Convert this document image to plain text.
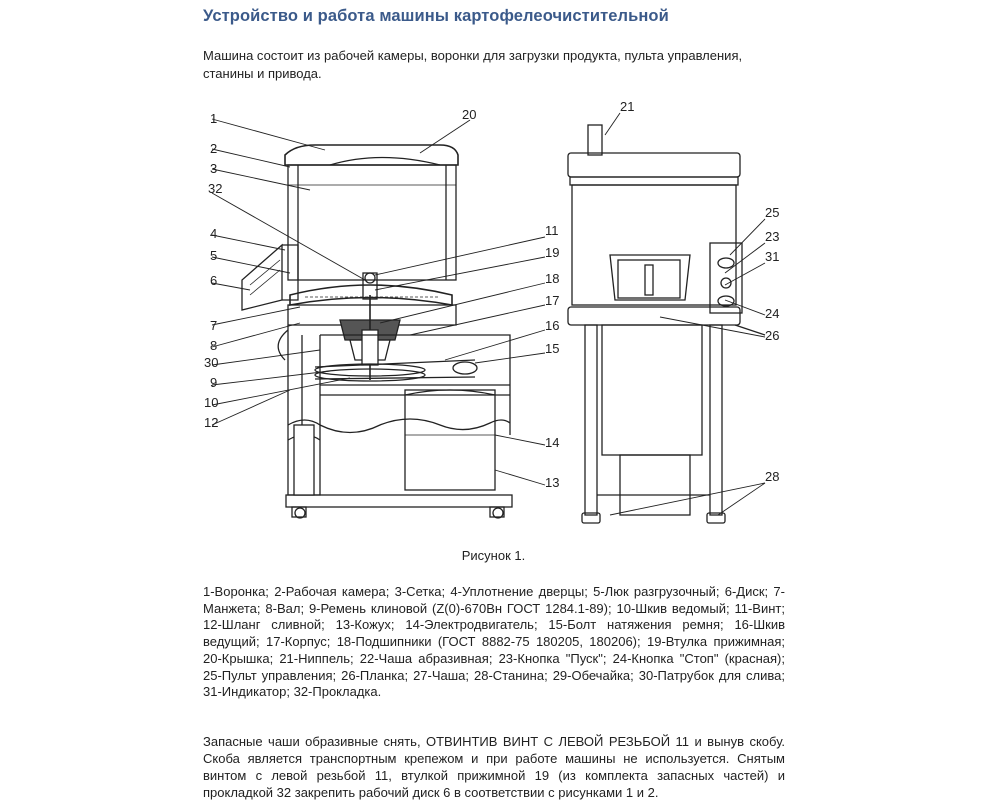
Устройство и работа машины картофелеочистительной

Машина состоит из рабочей камеры, воронки для загрузки продукта, пульта управления, станины и привода.

1
2
3
32
4
5
6
7
8
30
9
10
12
20
11
19
18
17
16
15
14
13
21
25
23
31
24
26
28

Рисунок 1.

1-Воронка; 2-Рабочая камера; 3-Сетка; 4-Уплотнение дверцы; 5-Люк разгрузочный; 6-Диск; 7-Манжета; 8-Вал; 9-Ремень клиновой (Z(0)-670Вн ГОСТ 1284.1-89); 10-Шкив ведомый; 11-Винт; 12-Шланг сливной; 13-Кожух; 14-Электродвигатель; 15-Болт натяжения ремня; 16-Шкив ведущий; 17-Корпус; 18-Подшипники (ГОСТ 8882-75 180205, 180206); 19-Втулка прижимная; 20-Крышка; 21-Ниппель; 22-Чаша абразивная; 23-Кнопка "Пуск"; 24-Кнопка "Стоп" (красная); 25-Пульт управления; 26-Планка; 27-Чаша; 28-Станина; 29-Обечайка; 30-Патрубок для слива; 31-Индикатор; 32-Прокладка.

Запасные чаши образивные снять, ОТВИНТИВ ВИНТ С ЛЕВОЙ РЕЗЬБОЙ 11 и вынув скобу. Скоба является транспортным крепежом и при работе машины не используется. Снятым винтом с левой резьбой 11, втулкой прижимной 19 (из комплекта запасных частей) и прокладкой 32 закрепить рабочий диск 6 в соответствии с рисунками 1 и 2.
